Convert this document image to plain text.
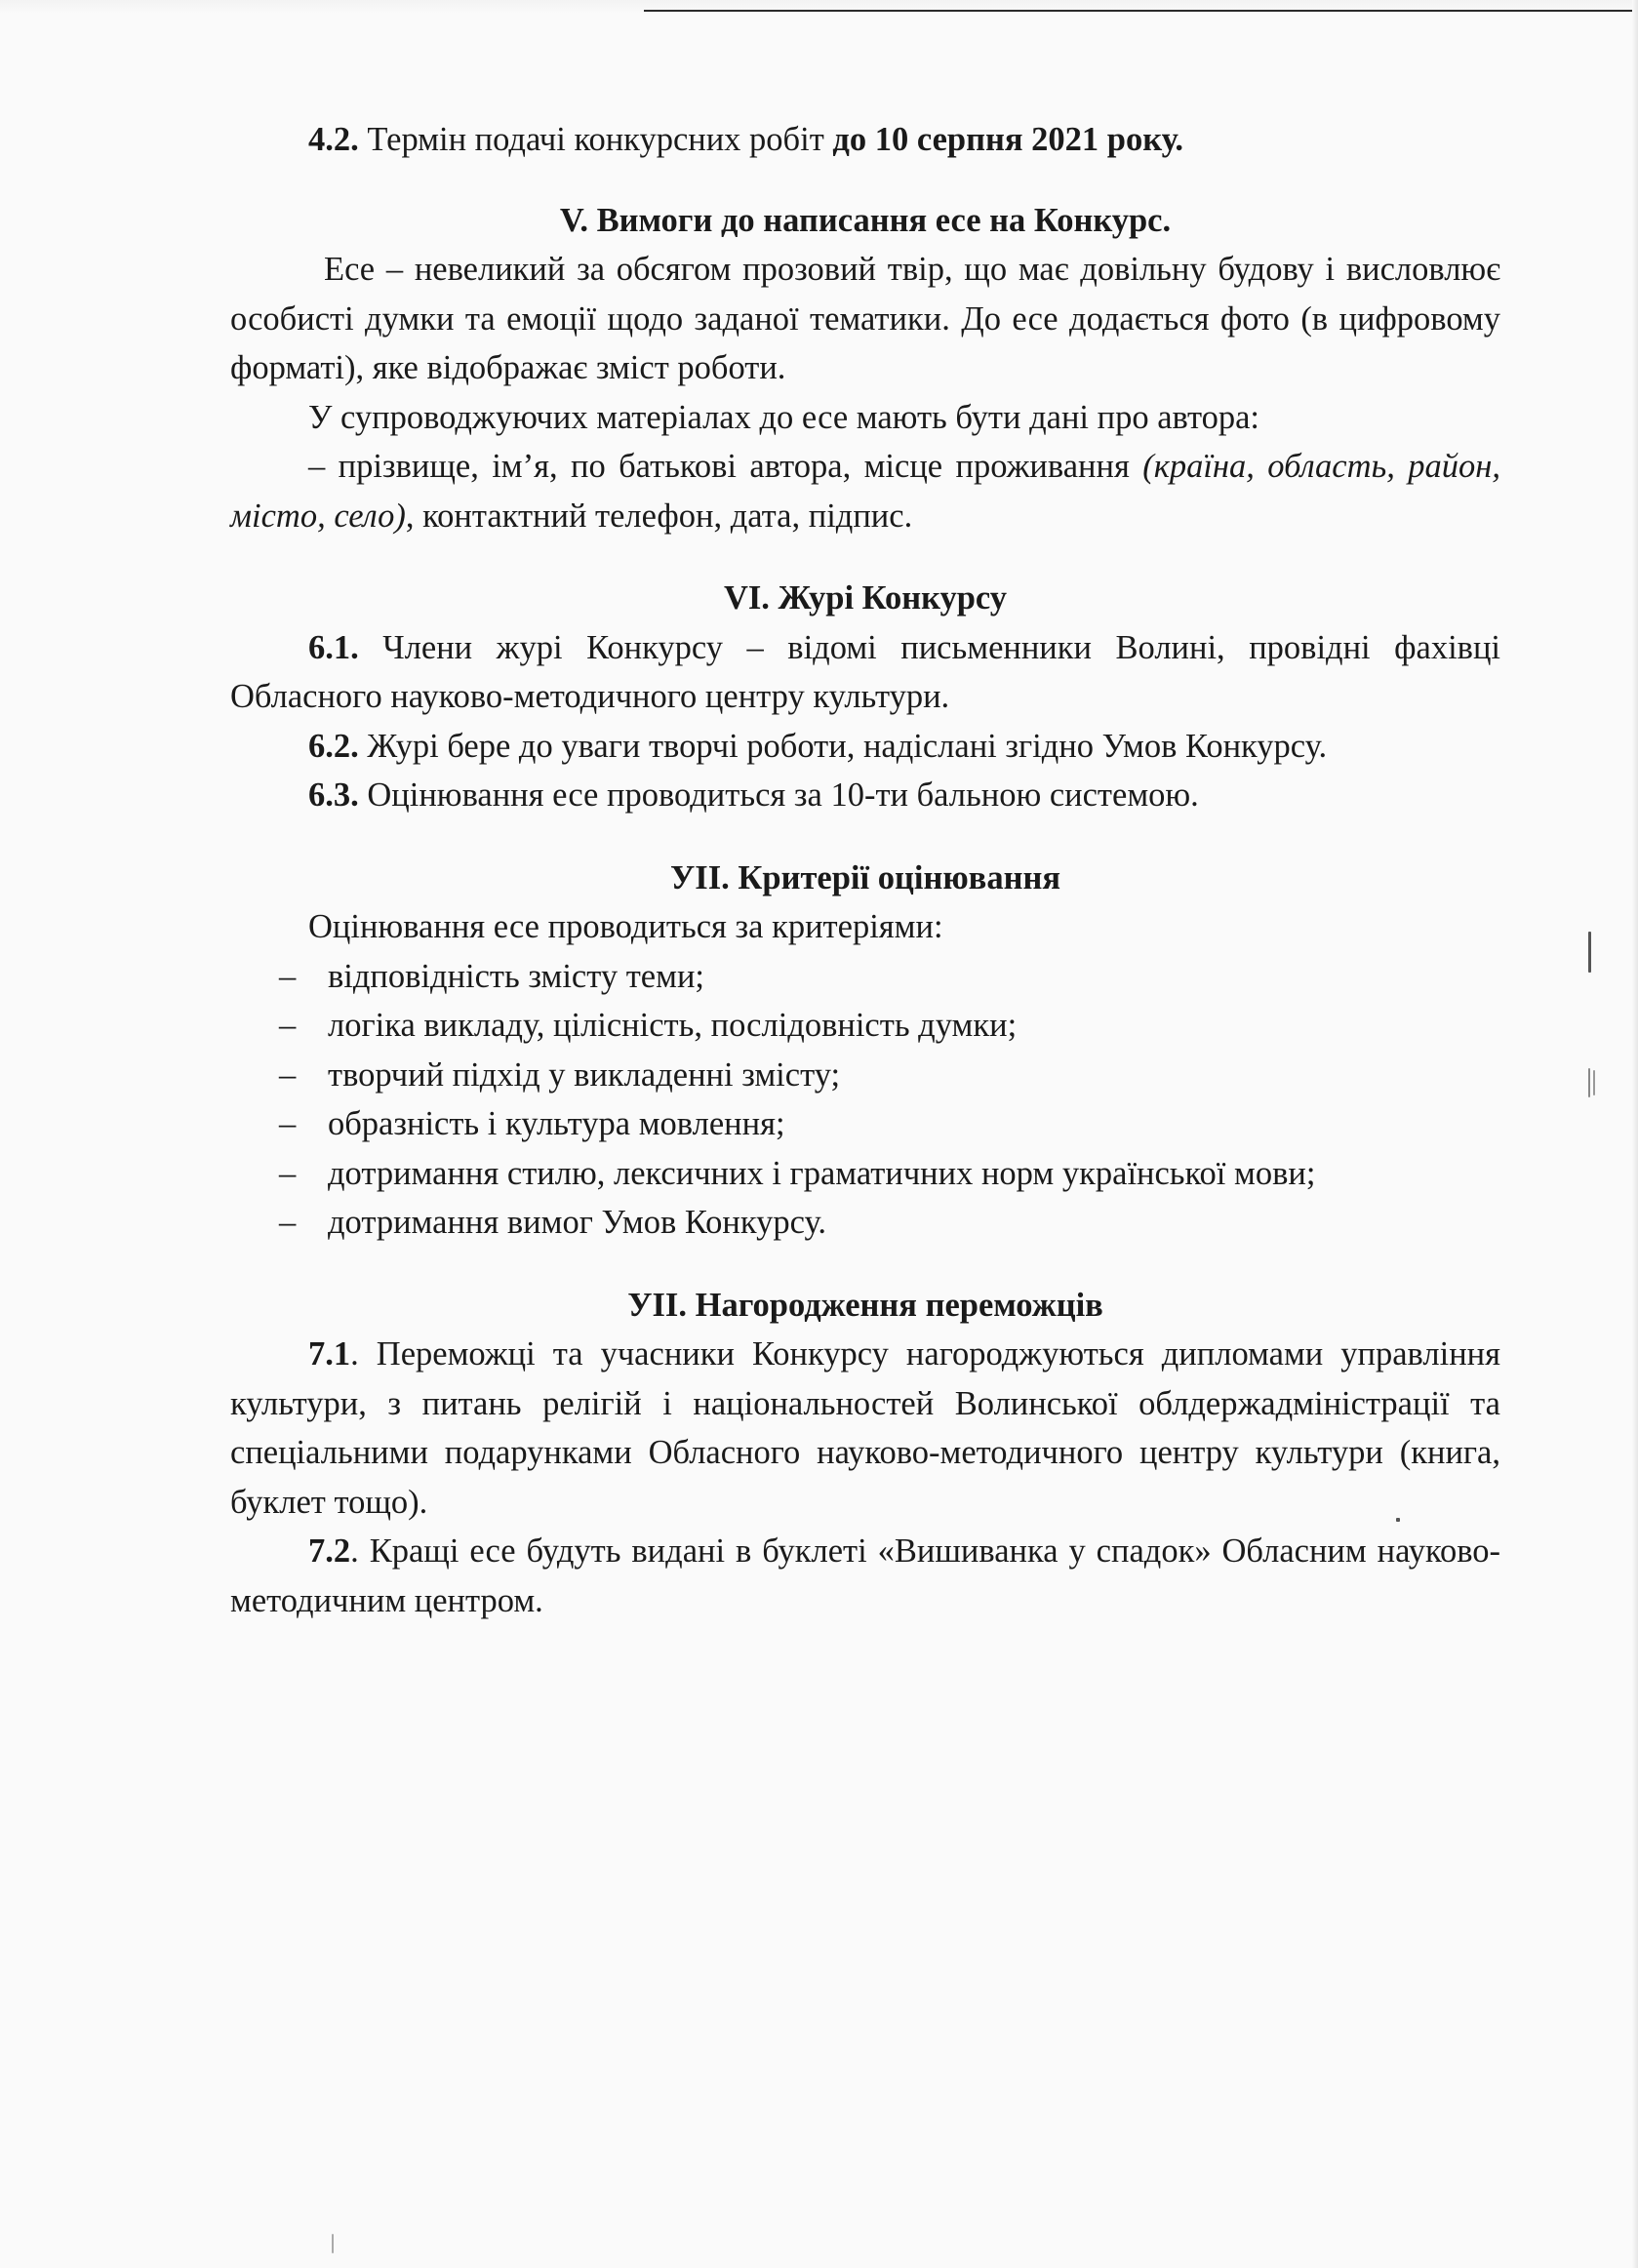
4.2. Термін подачі конкурсних робіт до 10 серпня 2021 року.

V. Вимоги до написання есе на Конкурс.

Есе – невеликий за обсягом прозовий твір, що має довільну будову і висловлює особисті думки та емоції щодо заданої тематики. До есе додається фото (в цифровому форматі), яке відображає зміст роботи.

У супроводжуючих матеріалах до есе мають бути дані про автора:

– прізвище, ім’я, по батькові автора, місце проживання (країна, область, район, місто, село), контактний телефон, дата, підпис.

VI. Журі Конкурсу

6.1. Члени журі Конкурсу – відомі письменники Волині, провідні фахівці Обласного науково-методичного центру культури.

6.2. Журі бере до уваги творчі роботи, надіслані згідно Умов Конкурсу.

6.3. Оцінювання есе проводиться за 10-ти бальною системою.

УІІ. Критерії оцінювання

Оцінювання есе проводиться за критеріями:

– відповідність змісту теми;
– логіка викладу, цілісність, послідовність думки;
– творчий підхід у викладенні змісту;
– образність і культура мовлення;
– дотримання стилю, лексичних і граматичних норм української мови;
– дотримання вимог Умов Конкурсу.

УІІ. Нагородження переможців

7.1. Переможці та учасники Конкурсу нагороджуються дипломами управління культури, з питань релігій і національностей Волинської облдержадміністрації та спеціальними подарунками Обласного науково-методичного центру культури (книга, буклет тощо).

7.2. Кращі есе будуть видані в буклеті «Вишиванка у спадок» Обласним науково-методичним центром.
